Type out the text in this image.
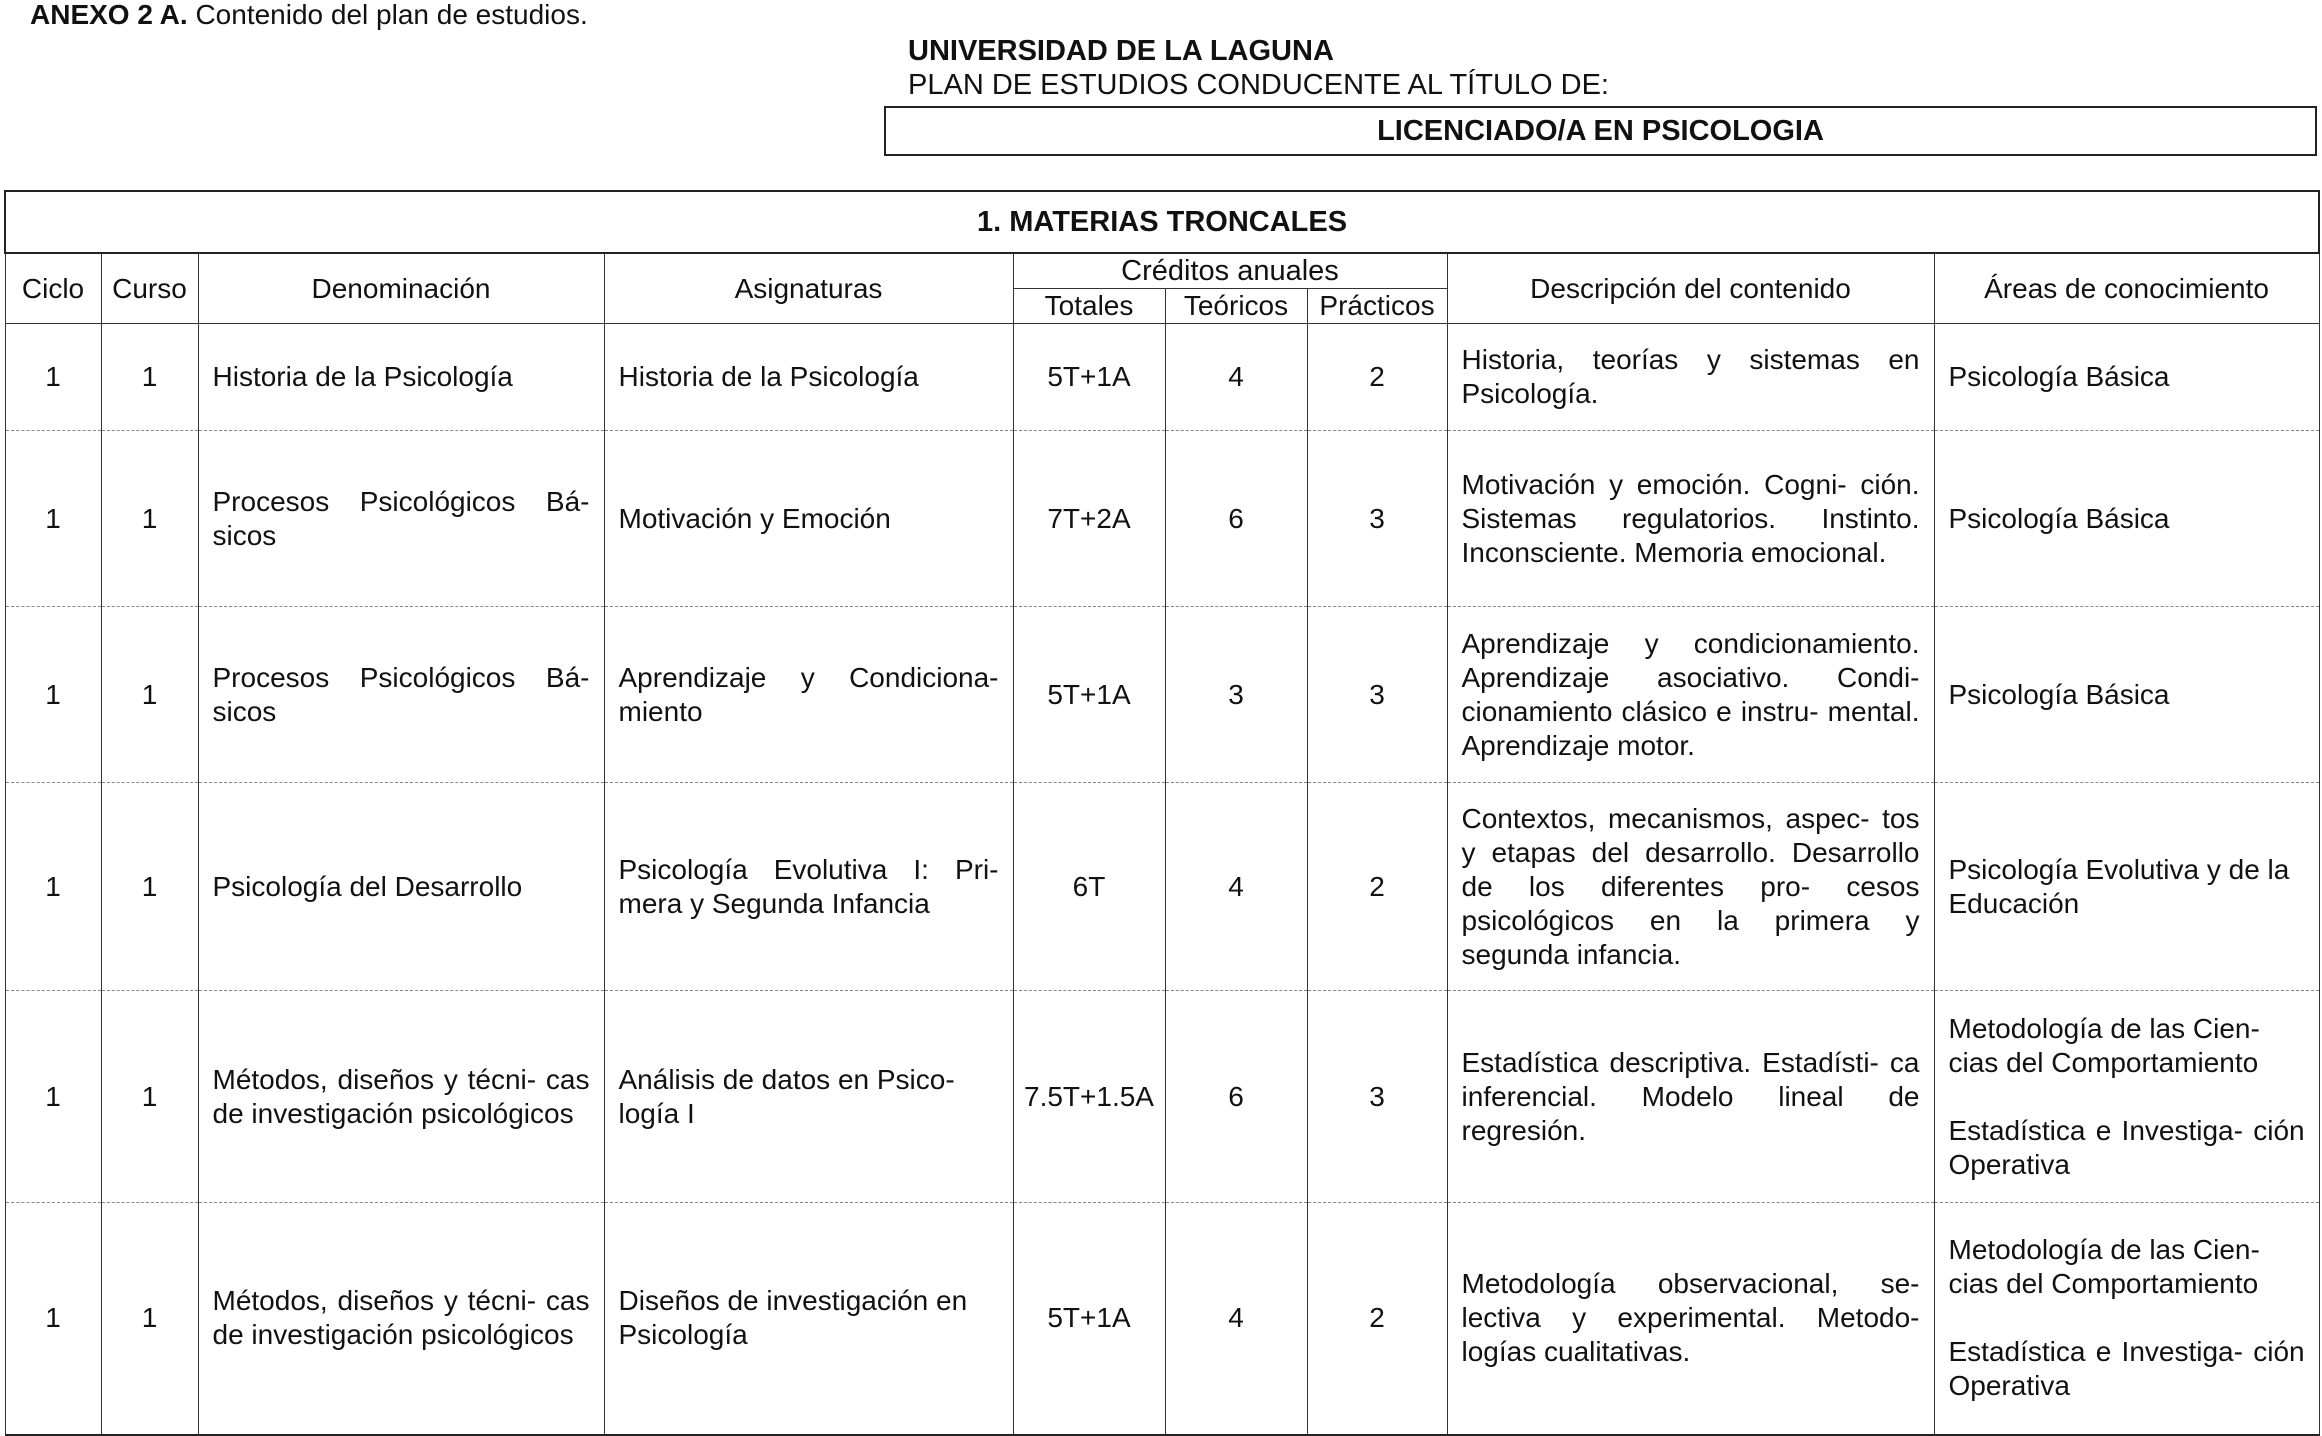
ANEXO 2 A. Contenido del plan de estudios.
UNIVERSIDAD DE LA LAGUNA
PLAN DE ESTUDIOS CONDUCENTE AL TÍTULO DE:
LICENCIADO/A EN PSICOLOGIA
1. MATERIAS TRONCALES								
Ciclo	Curso	Denominación	Asignaturas	Créditos anuales			Descripción del contenido	Áreas de conocimiento
				Totales	Teóricos	Prácticos		
1	1	Historia de la Psicología	Historia de la Psicología	5T+1A	4	2	Historia, teorías y sistemas en Psicología.	Psicología Básica

1	1	Procesos Psicológicos Bá- sicos	Motivación y Emoción	7T+2A	6	3	Motivación y emoción. Cogni- ción. Sistemas regulatorios. Instinto. Inconsciente. Memoria emocional.	Psicología Básica

1	1	Procesos Psicológicos Bá- sicos	Aprendizaje y Condiciona- miento	5T+1A	3	3	Aprendizaje y condicionamiento. Aprendizaje asociativo. Condi- cionamiento clásico e instru- mental. Aprendizaje motor.	Psicología Básica

1	1	Psicología del Desarrollo	Psicología Evolutiva I: Pri- mera y Segunda Infancia	6T	4	2	Contextos, mecanismos, aspec- tos y etapas del desarrollo. Desarrollo de los diferentes pro- cesos psicológicos en la primera y segunda infancia.	Psicología Evolutiva y de la Educación

1	1	Métodos, diseños y técni- cas de investigación psicológicos	Análisis de datos en Psico- logía I	7.5T+1.5A	6	3	Estadística descriptiva. Estadísti- ca inferencial. Modelo lineal de regresión.	Metodología de las Cien- cias del Comportamiento
Estadística e Investiga- ción Operativa

1	1	Métodos, diseños y técni- cas de investigación psicológicos	Diseños de investigación en Psicología	5T+1A	4	2	Metodología observacional, se- lectiva y experimental. Metodo- logías cualitativas.	Metodología de las Cien- cias del Comportamiento
Estadística e Investiga- ción Operativa
